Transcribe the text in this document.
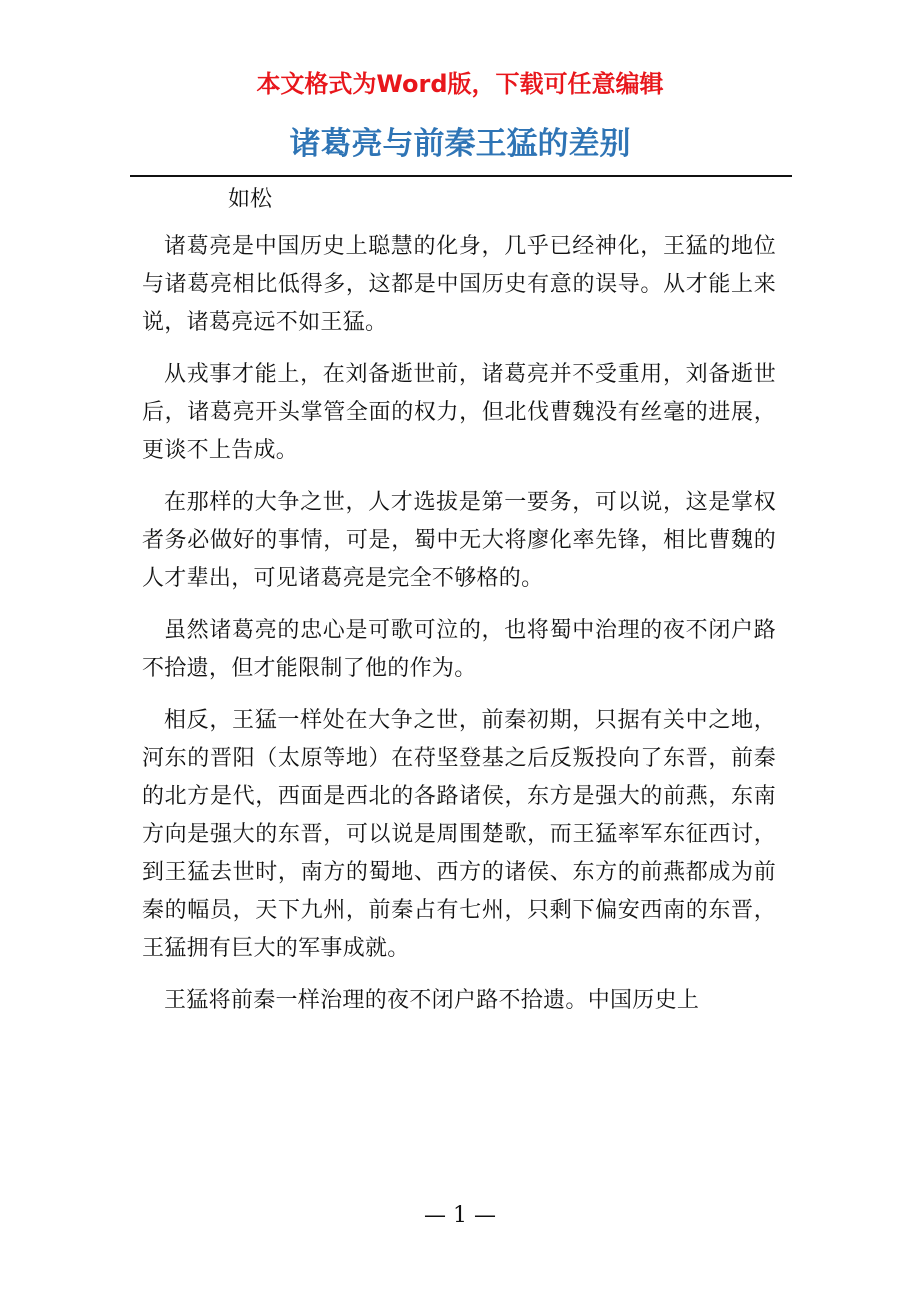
本文格式为Word版，下载可任意编辑
诸葛亮与前秦王猛的差别
如松

诸葛亮是中国历史上聪慧的化身，几乎已经神化，王猛的地位与诸葛亮相比低得多，这都是中国历史有意的误导。从才能上来说，诸葛亮远不如王猛。

从戎事才能上，在刘备逝世前，诸葛亮并不受重用，刘备逝世后，诸葛亮开头掌管全面的权力，但北伐曹魏没有丝毫的进展，更谈不上告成。

在那样的大争之世，人才选拔是第一要务，可以说，这是掌权者务必做好的事情，可是，蜀中无大将廖化率先锋，相比曹魏的人才辈出，可见诸葛亮是完全不够格的。

虽然诸葛亮的忠心是可歌可泣的，也将蜀中治理的夜不闭户路不拾遗，但才能限制了他的作为。

相反，王猛一样处在大争之世，前秦初期，只据有关中之地，河东的晋阳（太原等地）在苻坚登基之后反叛投向了东晋，前秦的北方是代，西面是西北的各路诸侯，东方是强大的前燕，东南方向是强大的东晋，可以说是周围楚歌，而王猛率军东征西讨，到王猛去世时，南方的蜀地、西方的诸侯、东方的前燕都成为前秦的幅员，天下九州，前秦占有七州，只剩下偏安西南的东晋，王猛拥有巨大的军事成就。

王猛将前秦一样治理的夜不闭户路不拾遗。中国历史上

— 1 —
